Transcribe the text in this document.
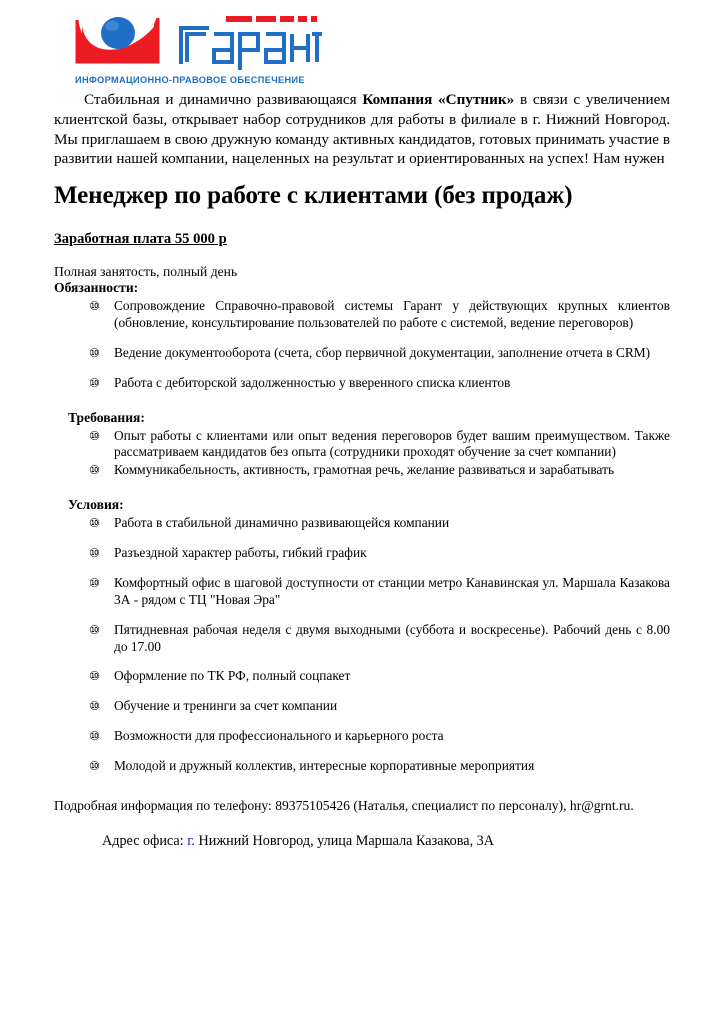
ИНФОРМАЦИОННО-ПРАВОВОЕ ОБЕСПЕЧЕНИЕ

Стабильная и динамично развивающаяся Компания «Спутник» в связи с увеличением клиентской базы, открывает набор сотрудников для работы в филиале в г. Нижний Новгород. Мы приглашаем в свою дружную команду активных кандидатов, готовых принимать участие в развитии нашей компании, нацеленных на результат и ориентированных на успех! Нам нужен

Менеджер по работе с клиентами (без продаж)
Заработная плата 55 000 р

Полная занятость, полный день

Обязанности:
⑩ Сопровождение Справочно-правовой системы Гарант у действующих крупных клиентов (обновление, консультирование пользователей по работе с системой, ведение переговоров)
⑩ Ведение документооборота (счета, сбор первичной документации, заполнение отчета в CRM)
⑩ Работа с дебиторской задолженностью у вверенного списка клиентов
Требования:
⑩ Опыт работы с клиентами или опыт ведения переговоров будет вашим преимуществом. Также рассматриваем кандидатов без опыта (сотрудники проходят обучение за счет компании)
⑩ Коммуникабельность, активность, грамотная речь, желание развиваться и зарабатывать
Условия:
⑩ Работа в стабильной динамично развивающейся компании
⑩ Разъездной характер работы, гибкий график
⑩ Комфортный офис в шаговой доступности от станции метро Канавинская ул. Маршала Казакова 3А - рядом с ТЦ "Новая Эра"
⑩ Пятидневная рабочая неделя с двумя выходными (суббота и воскресенье). Рабочий день с 8.00 до 17.00
⑩ Оформление по ТК РФ, полный соцпакет
⑩ Обучение и тренинги за счет компании
⑩ Возможности для профессионального и карьерного роста
⑩ Молодой и дружный коллектив, интересные корпоративные мероприятия

Подробная информация по телефону: 89375105426 (Наталья, специалист по персоналу), hr@grnt.ru.

Адрес офиса: г. Нижний Новгород, улица Маршала Казакова, 3А
